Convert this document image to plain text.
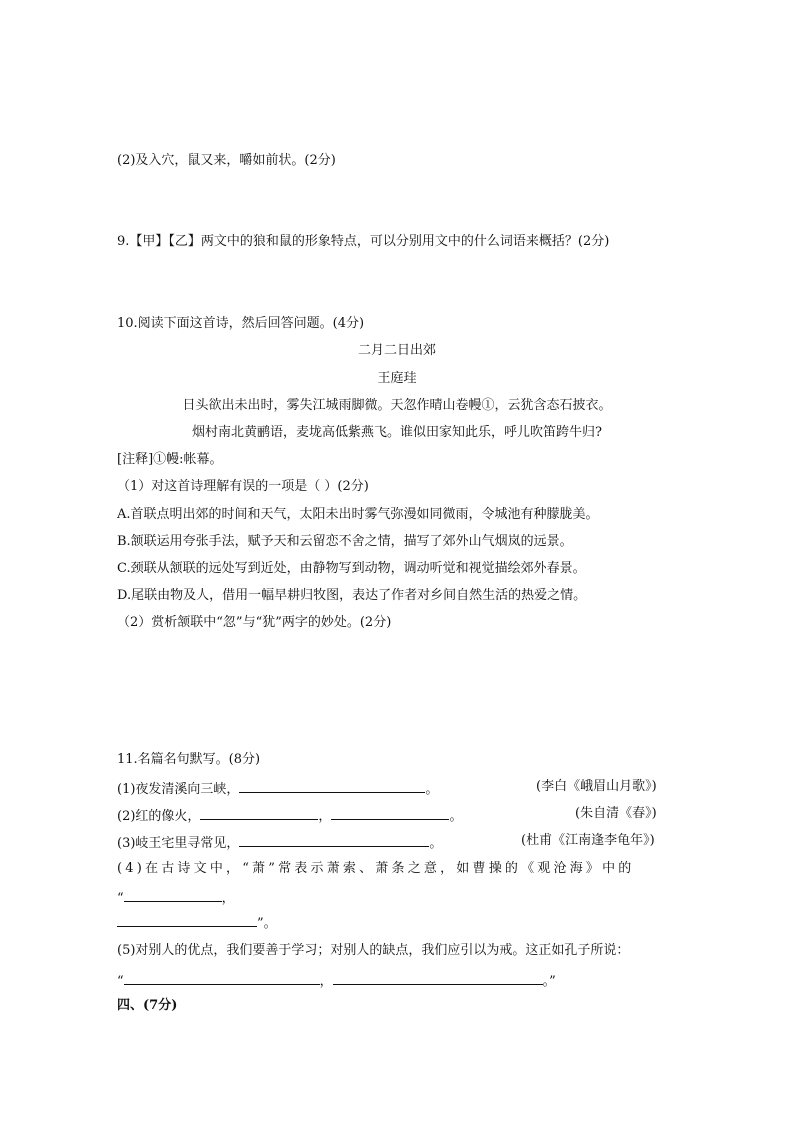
(2)及入穴，鼠又来，嚼如前状。(2分)
9.【甲】【乙】两文中的狼和鼠的形象特点，可以分别用文中的什么词语来概括？(2分)
10.阅读下面这首诗，然后回答问题。(4分)
二月二日出郊
王庭珪
日头欲出未出时，雾失江城雨脚微。天忽作晴山卷幔①，云犹含态石披衣。
烟村南北黄鹂语，麦垅高低紫燕飞。谁似田家知此乐，呼儿吹笛跨牛归?
[注释]①幔:帐幕。
（1）对这首诗理解有误的一项是（ ）(2分)
A.首联点明出郊的时间和天气，太阳未出时雾气弥漫如同微雨，令城池有种朦胧美。
B.颔联运用夸张手法，赋予天和云留恋不舍之情，描写了郊外山气烟岚的远景。
C.颈联从颔联的远处写到近处，由静物写到动物，调动听觉和视觉描绘郊外春景。
D.尾联由物及人，借用一幅早耕归牧图，表达了作者对乡间自然生活的热爱之情。
（2）赏析颔联中“忽”与“犹”两字的妙处。(2分)
11.名篇名句默写。(8分)
(1)夜发清溪向三峡，	。	(李白《峨眉山月歌》)
(2)红的像火，	，	。	(朱自清《春》)
(3)岐王宅里寻常见，	。	(杜甫《江南逢李龟年》)
(4)在古诗文中，“萧”常表示萧索、萧条之意，如曹操的《观沧海》中的
“	，
”。
(5)对别人的优点，我们要善于学习；对别人的缺点，我们应引以为戒。这正如孔子所说：
“	，	。”
四、(7分)
